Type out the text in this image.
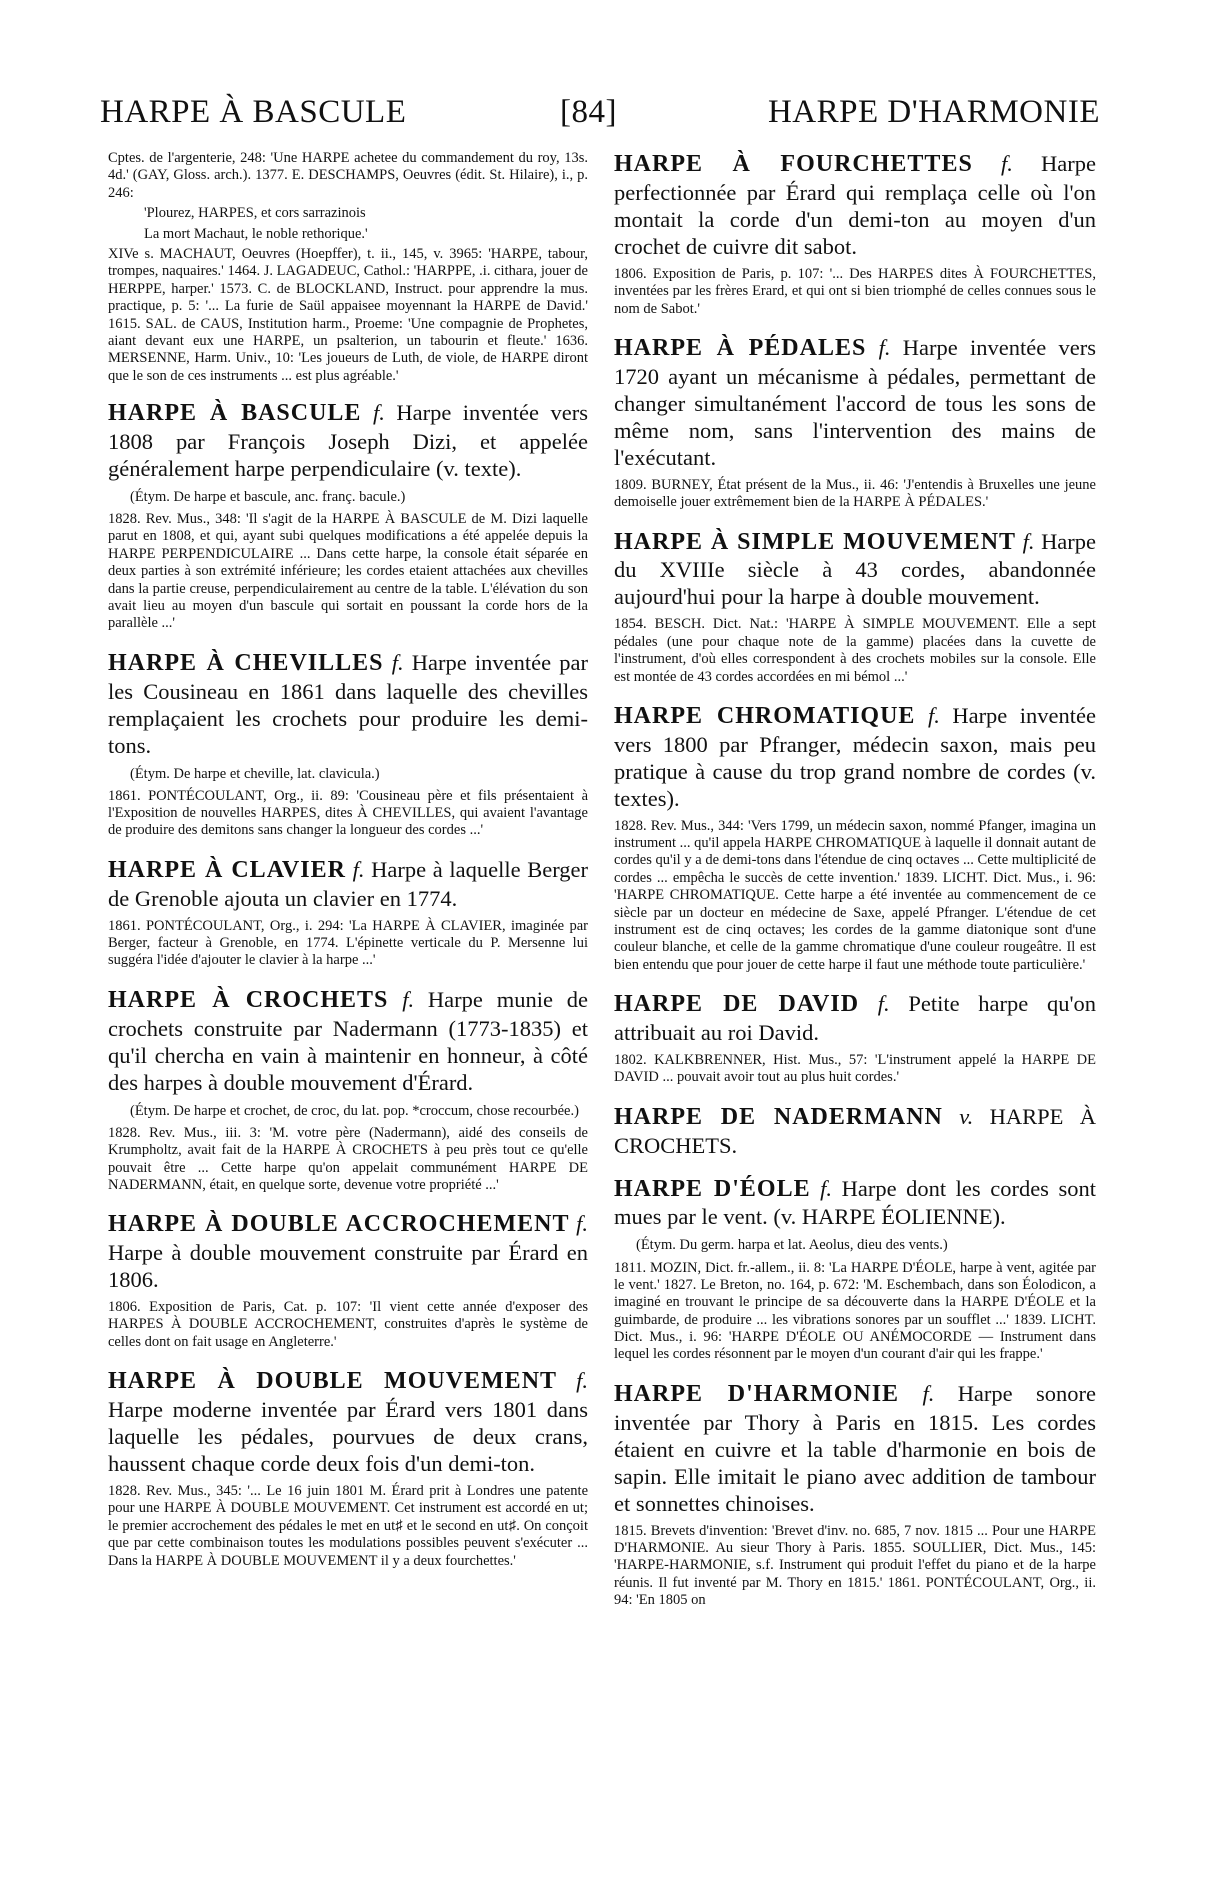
HARPE À BASCULE	[84]	HARPE D'HARMONIE

Cptes. de l'argenterie, 248: 'Une HARPE achetee du commandement du roy, 13s. 4d.' (GAY, Gloss. arch.). 1377. E. DESCHAMPS, Oeuvres (édit. St. Hilaire), i., p. 246:

'Plourez, HARPES, et cors sarrazinois

La mort Machaut, le noble rethorique.'

XIVe s. MACHAUT, Oeuvres (Hoepffer), t. ii., 145, v. 3965: 'HARPE, tabour, trompes, naquaires.' 1464. J. LAGADEUC, Cathol.: 'HARPPE, .i. cithara, jouer de HERPPE, harper.' 1573. C. de BLOCKLAND, Instruct. pour apprendre la mus. practique, p. 5: '... La furie de Saül appaisee moyennant la HARPE de David.' 1615. SAL. de CAUS, Institution harm., Proeme: 'Une compagnie de Prophetes, aiant devant eux une HARPE, un psalterion, un tabourin et fleute.' 1636. MERSENNE, Harm. Univ., 10: 'Les joueurs de Luth, de viole, de HARPE diront que le son de ces instruments ... est plus agréable.'

HARPE À BASCULE f. Harpe inventée vers 1808 par François Joseph Dizi, et appelée généralement harpe perpendiculaire (v. texte).

(Étym. De harpe et bascule, anc. franç. bacule.)

1828. Rev. Mus., 348: 'Il s'agit de la HARPE À BASCULE de M. Dizi laquelle parut en 1808, et qui, ayant subi quelques modifications a été appelée depuis la HARPE PERPENDICULAIRE ... Dans cette harpe, la console était séparée en deux parties à son extrémité inférieure; les cordes etaient attachées aux chevilles dans la partie creuse, perpendiculairement au centre de la table. L'élévation du son avait lieu au moyen d'un bascule qui sortait en poussant la corde hors de la parallèle ...'

HARPE À CHEVILLES f. Harpe inventée par les Cousineau en 1861 dans laquelle des chevilles remplaçaient les crochets pour produire les demi-tons.

(Étym. De harpe et cheville, lat. clavicula.)

1861. PONTÉCOULANT, Org., ii. 89: 'Cousineau père et fils présentaient à l'Exposition de nouvelles HARPES, dites À CHEVILLES, qui avaient l'avantage de produire des demitons sans changer la longueur des cordes ...'

HARPE À CLAVIER f. Harpe à laquelle Berger de Grenoble ajouta un clavier en 1774.

1861. PONTÉCOULANT, Org., i. 294: 'La HARPE À CLAVIER, imaginée par Berger, facteur à Grenoble, en 1774. L'épinette verticale du P. Mersenne lui suggéra l'idée d'ajouter le clavier à la harpe ...'

HARPE À CROCHETS f. Harpe munie de crochets construite par Nadermann (1773-1835) et qu'il chercha en vain à maintenir en honneur, à côté des harpes à double mouvement d'Érard.

(Étym. De harpe et crochet, de croc, du lat. pop. *croccum, chose recourbée.)

1828. Rev. Mus., iii. 3: 'M. votre père (Nadermann), aidé des conseils de Krumpholtz, avait fait de la HARPE À CROCHETS à peu près tout ce qu'elle pouvait être ... Cette harpe qu'on appelait communément HARPE DE NADERMANN, était, en quelque sorte, devenue votre propriété ...'

HARPE À DOUBLE ACCROCHEMENT f. Harpe à double mouvement construite par Érard en 1806.

1806. Exposition de Paris, Cat. p. 107: 'Il vient cette année d'exposer des HARPES À DOUBLE ACCROCHEMENT, construites d'après le système de celles dont on fait usage en Angleterre.'

HARPE À DOUBLE MOUVEMENT f. Harpe moderne inventée par Érard vers 1801 dans laquelle les pédales, pourvues de deux crans, haussent chaque corde deux fois d'un demi-ton.

1828. Rev. Mus., 345: '... Le 16 juin 1801 M. Érard prit à Londres une patente pour une HARPE À DOUBLE MOUVEMENT. Cet instrument est accordé en ut; le premier accrochement des pédales le met en ut♯ et le second en ut♯. On conçoit que par cette combinaison toutes les modulations possibles peuvent s'exécuter ... Dans la HARPE À DOUBLE MOUVEMENT il y a deux fourchettes.'

HARPE À FOURCHETTES f. Harpe perfectionnée par Érard qui remplaça celle où l'on montait la corde d'un demi-ton au moyen d'un crochet de cuivre dit sabot.

1806. Exposition de Paris, p. 107: '... Des HARPES dites À FOURCHETTES, inventées par les frères Erard, et qui ont si bien triomphé de celles connues sous le nom de Sabot.'

HARPE À PÉDALES f. Harpe inventée vers 1720 ayant un mécanisme à pédales, permettant de changer simultanément l'accord de tous les sons de même nom, sans l'intervention des mains de l'exécutant.

1809. BURNEY, État présent de la Mus., ii. 46: 'J'entendis à Bruxelles une jeune demoiselle jouer extrêmement bien de la HARPE À PÉDALES.'

HARPE À SIMPLE MOUVEMENT f. Harpe du XVIIIe siècle à 43 cordes, abandonnée aujourd'hui pour la harpe à double mouvement.

1854. BESCH. Dict. Nat.: 'HARPE À SIMPLE MOUVEMENT. Elle a sept pédales (une pour chaque note de la gamme) placées dans la cuvette de l'instrument, d'où elles correspondent à des crochets mobiles sur la console. Elle est montée de 43 cordes accordées en mi bémol ...'

HARPE CHROMATIQUE f. Harpe inventée vers 1800 par Pfranger, médecin saxon, mais peu pratique à cause du trop grand nombre de cordes (v. textes).

1828. Rev. Mus., 344: 'Vers 1799, un médecin saxon, nommé Pfanger, imagina un instrument ... qu'il appela HARPE CHROMATIQUE à laquelle il donnait autant de cordes qu'il y a de demi-tons dans l'étendue de cinq octaves ... Cette multiplicité de cordes ... empêcha le succès de cette invention.' 1839. LICHT. Dict. Mus., i. 96: 'HARPE CHROMATIQUE. Cette harpe a été inventée au commencement de ce siècle par un docteur en médecine de Saxe, appelé Pfranger. L'étendue de cet instrument est de cinq octaves; les cordes de la gamme diatonique sont d'une couleur blanche, et celle de la gamme chromatique d'une couleur rougeâtre. Il est bien entendu que pour jouer de cette harpe il faut une méthode toute particulière.'

HARPE DE DAVID f. Petite harpe qu'on attribuait au roi David.

1802. KALKBRENNER, Hist. Mus., 57: 'L'instrument appelé la HARPE DE DAVID ... pouvait avoir tout au plus huit cordes.'

HARPE DE NADERMANN v. HARPE À CROCHETS.

HARPE D'ÉOLE f. Harpe dont les cordes sont mues par le vent. (v. HARPE ÉOLIENNE).

(Étym. Du germ. harpa et lat. Aeolus, dieu des vents.)

1811. MOZIN, Dict. fr.-allem., ii. 8: 'La HARPE D'ÉOLE, harpe à vent, agitée par le vent.' 1827. Le Breton, no. 164, p. 672: 'M. Eschembach, dans son Éolodicon, a imaginé en trouvant le principe de sa découverte dans la HARPE D'ÉOLE et la guimbarde, de produire ... les vibrations sonores par un soufflet ...' 1839. LICHT. Dict. Mus., i. 96: 'HARPE D'ÉOLE OU ANÉMOCORDE — Instrument dans lequel les cordes résonnent par le moyen d'un courant d'air qui les frappe.'

HARPE D'HARMONIE f. Harpe sonore inventée par Thory à Paris en 1815. Les cordes étaient en cuivre et la table d'harmonie en bois de sapin. Elle imitait le piano avec addition de tambour et sonnettes chinoises.

1815. Brevets d'invention: 'Brevet d'inv. no. 685, 7 nov. 1815 ... Pour une HARPE D'HARMONIE. Au sieur Thory à Paris. 1855. SOULLIER, Dict. Mus., 145: 'HARPE-HARMONIE, s.f. Instrument qui produit l'effet du piano et de la harpe réunis. Il fut inventé par M. Thory en 1815.' 1861. PONTÉCOULANT, Org., ii. 94: 'En 1805 on
